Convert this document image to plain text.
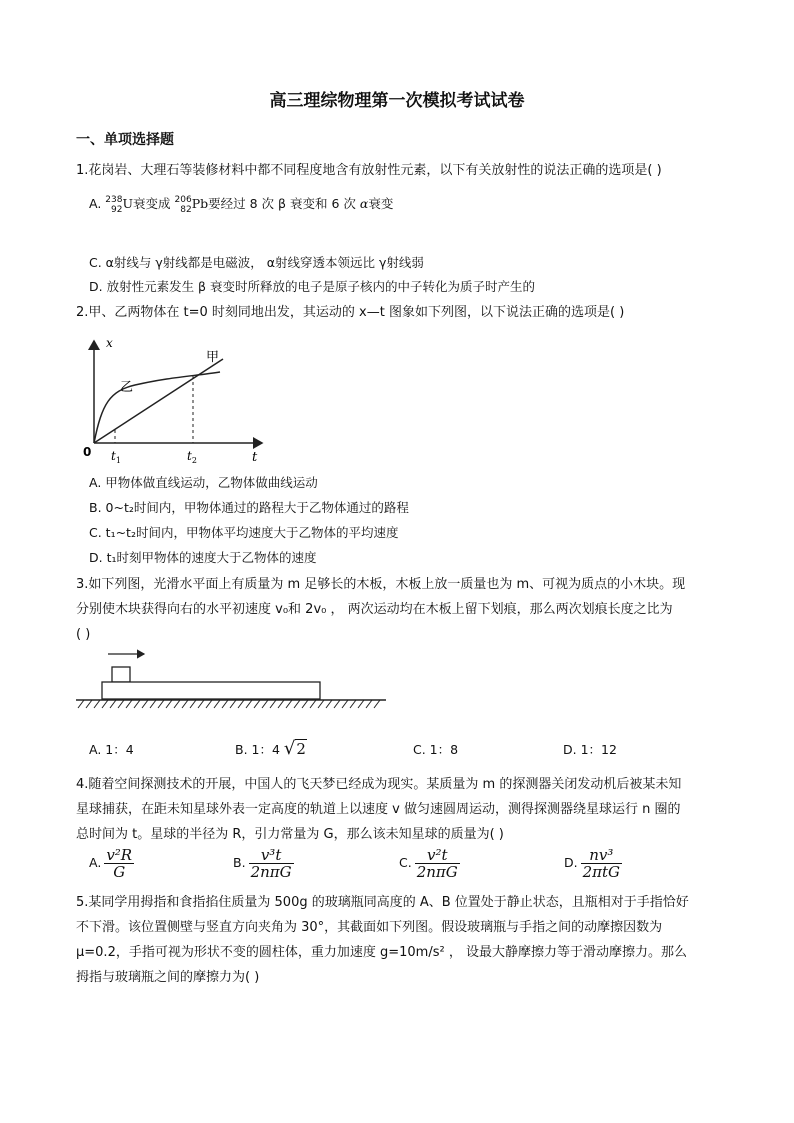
高三理综物理第一次模拟考试试卷
一、单项选择题
1.花岗岩、大理石等装修材料中都不同程度地含有放射性元素，以下有关放射性的说法正确的选项是( )
A. 238
92U衰变成 206
82Pb要经过 8 次 β 衰变和 6 次 α衰变
C. α射线与 γ射线都是电磁波， α射线穿透本领远比 γ射线弱
D. 放射性元素发生 β 衰变时所释放的电子是原子核内的中子转化为质子时产生的
2.甲、乙两物体在 t=0 时刻同地出发，其运动的 x—t 图象如下列图，以下说法正确的选项是( )
x
t
0
甲
乙
$t_1$	$t_2$
A. 甲物体做直线运动，乙物体做曲线运动
B. 0~t₂时间内，甲物体通过的路程大于乙物体通过的路程
C. t₁~t₂时间内，甲物体平均速度大于乙物体的平均速度
D. t₁时刻甲物体的速度大于乙物体的速度
3.如下列图，光滑水平面上有质量为 m 足够长的木板，木板上放一质量也为 m、可视为质点的小木块。现
分别使木块获得向右的水平初速度 v₀和 2v₀ ， 两次运动均在木板上留下划痕，那么两次划痕长度之比为
( )
A. 1：4	B. 1：4 √2	C. 1：8	D. 1：12
4.随着空间探测技术的开展，中国人的飞天梦已经成为现实。某质量为 m 的探测器关闭发动机后被某未知
星球捕获，在距未知星球外表一定高度的轨道上以速度 v 做匀速圆周运动，测得探测器绕星球运行 n 圈的
总时间为 t。星球的半径为 R，引力常量为 G，那么该未知星球的质量为( )
A. $\frac{\text{v²R}}{G}$	B. $\frac{\text{v³t}}{\text{2nπG}}$	C. $\frac{\text{v²t}}{\text{2nπG}}$	D. $\frac{\text{nv³}}{\text{2πtG}}$
5.某同学用拇指和食指掐住质量为 500g 的玻璃瓶同高度的 A、B 位置处于静止状态，且瓶相对于手指恰好
不下滑。该位置侧壁与竖直方向夹角为 30°，其截面如下列图。假设玻璃瓶与手指之间的动摩擦因数为
μ=0.2，手指可视为形状不变的圆柱体，重力加速度 g=10m/s² ， 设最大静摩擦力等于滑动摩擦力。那么
拇指与玻璃瓶之间的摩擦力为( )
